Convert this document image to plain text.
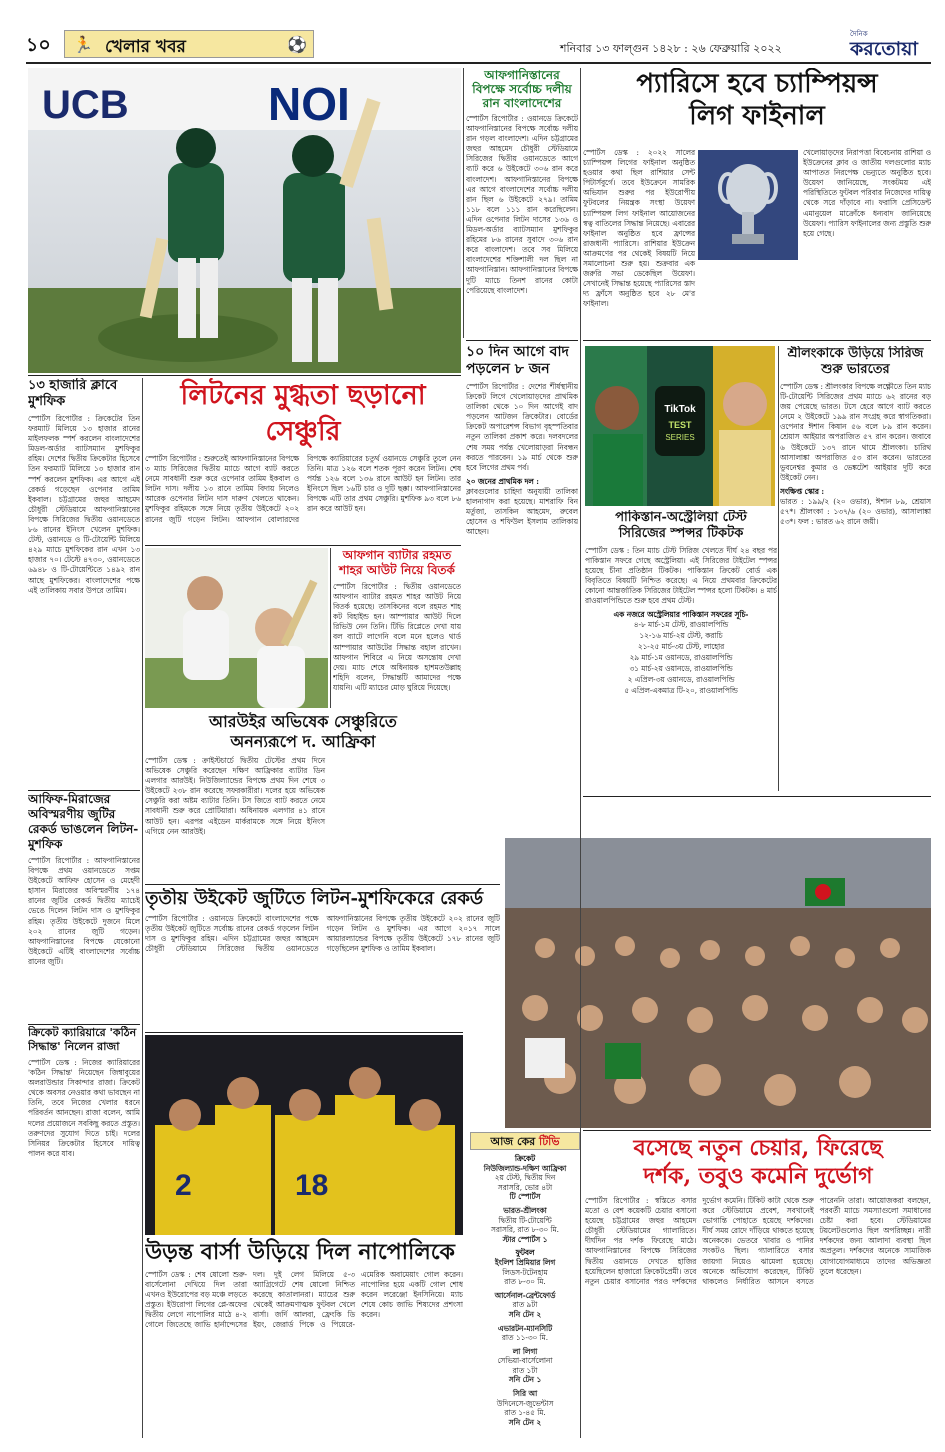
১০ 🏃 খেলার খবর	⚽	শনিবার ১৩ ফাল্গুন ১৪২৮ : ২৬ ফেব্রুয়ারি ২০২২
দৈনিক
করতোয়া
UCB	NOI
আফগানিস্তানের বিপক্ষে সর্বোচ্চ দলীয় রান বাংলাদেশের
স্পোর্টস রিপোর্টার : ওয়ানডে ক্রিকেটে আফগানিস্তানের বিপক্ষে সর্বোচ্চ দলীয় রান গড়ল বাংলাদেশ। এদিন চট্টগ্রামের জহুর আহমেদ চৌধুরী স্টেডিয়ামে সিরিজের দ্বিতীয় ওয়ানডেতে আগে ব্যাট করে ৬ উইকেটে ৩০৬ রান করে বাংলাদেশ। আফগানিস্তানের বিপক্ষে এর আগে বাংলাদেশের সর্বোচ্চ দলীয় রান ছিল ৬ উইকেটে ২৭৯। তামিম ১১৮ বলে ১১১ রান করেছিলেন। এদিন ওপেনার লিটন দাসের ১৩৬ ও মিডল-অর্ডার ব্যাটসম্যান মুশফিকুর রহিমের ৮৬ রানের সুবাদে ৩০৬ রান করে বাংলাদেশ। তবে সব মিলিয়ে বাংলাদেশের শক্তিশালী দল ছিল না আফগানিস্তান। আফগানিস্তানের বিপক্ষে দুটি ম্যাচে তিনশ রানের কোটা পেরিয়েছে বাংলাদেশ।
প্যারিসে হবে চ্যাম্পিয়ন্স
লিগ ফাইনাল
স্পোর্টস ডেস্ক : ২০২২ সালের চ্যাম্পিয়ন্স লিগের ফাইনাল অনুষ্ঠিত হওয়ার কথা ছিল রাশিয়ার সেন্ট পিটার্সবুর্গে। তবে ইউক্রেনে সামরিক অভিযান শুরুর পর ইউরোপীয় ফুটবলের নিয়ন্ত্রক সংস্থা উয়েফা চ্যাম্পিয়ন্স লিগ ফাইনাল আয়োজনের স্বত্ব বাতিলের সিদ্ধান্ত নিয়েছে। এবারের ফাইনাল অনুষ্ঠিত হবে ফ্রান্সের রাজধানী প্যারিসে। রাশিয়ার ইউক্রেন আক্রমণের পর থেকেই বিষয়টি নিয়ে সমালোচনা শুরু হয়। শুক্রবার এক জরুরি সভা ডেকেছিল উয়েফা। সেখানেই সিদ্ধান্ত হয়েছে প্যারিসের স্তাদ দ্য ফ্রাঁসে অনুষ্ঠিত হবে ২৮ মে'র ফাইনাল।
খেলোয়াড়দের নিরাপত্তা বিবেচনায় রাশিয়া ও ইউক্রেনের ক্লাব ও জাতীয় দলগুলোর ম্যাচ আপাতত নিরপেক্ষ ভেন্যুতে অনুষ্ঠিত হবে। উয়েফা জানিয়েছে, সংকটময় এই পরিস্থিতিতে ফুটবল পরিবার নিজেদের দায়িত্ব থেকে সরে দাঁড়াবে না। ফরাসি প্রেসিডেন্ট এমানুয়েল মাক্রোঁকে ধন্যবাদ জানিয়েছে উয়েফা। প্যারিস ফাইনালের জন্য প্রস্তুতি শুরু হয়ে গেছে।
১০ দিন আগে বাদ পড়লেন ৮ জন
স্পোর্টস রিপোর্টার : দেশের শীর্ষস্থানীয় ক্রিকেট লিগে খেলোয়াড়দের প্রাথমিক তালিকা থেকে ১০ দিন আগেই বাদ পড়লেন আটজন ক্রিকেটার। বোর্ডের ক্রিকেট অপারেশন্স বিভাগ বৃহস্পতিবার নতুন তালিকা প্রকাশ করে। দলবদলের শেষ সময় পর্যন্ত খেলোয়াড়রা নিবন্ধন করতে পারবেন। ১৯ মার্চ থেকে শুরু হবে লিগের প্রথম পর্ব।
২০ জনের প্রাথমিক দল :
ক্লাবগুলোর চাহিদা অনুযায়ী তালিকা হালনাগাদ করা হয়েছে। মাশরাফি বিন মর্তুজা, তাসকিন আহমেদ, রুবেল হোসেন ও শফিউল ইসলাম তালিকায় আছেন।
TikTok
TEST
SERIES
শ্রীলংকাকে উড়িয়ে সিরিজ শুরু ভারতের
স্পোর্টস ডেস্ক : শ্রীলংকার বিপক্ষে লক্ষ্ণৌতে তিন ম্যাচ টি-টোয়েন্টি সিরিজের প্রথম ম্যাচে ৬২ রানের বড় জয় পেয়েছে ভারত। টসে হেরে আগে ব্যাট করতে নেমে ২ উইকেটে ১৯৯ রান সংগ্রহ করে স্বাগতিকরা। ওপেনার ঈশান কিষান ৫৬ বলে ৮৯ রান করেন। শ্রেয়াস আইয়ার অপরাজিত ৫৭ রান করেন। জবাবে ৬ উইকেটে ১৩৭ রানে থামে শ্রীলংকা। চারিথ আসালাঙ্কা অপরাজিত ৫৩ রান করেন। ভারতের ভুবনেশ্বর কুমার ও ভেঙ্কটেশ আইয়ার দুটি করে উইকেট নেন।
সংক্ষিপ্ত স্কোর :
ভারত : ১৯৯/২ (২০ ওভার), ঈশান ৮৯, শ্রেয়াস ৫৭*। শ্রীলংকা : ১৩৭/৬ (২০ ওভার), আসালাঙ্কা ৫৩*। ফল : ভারত ৬২ রানে জয়ী।
পাকিস্তান-অস্ট্রেলিয়া টেস্ট
সিরিজের স্পন্সর টিকটক
স্পোর্টস ডেস্ক : তিন ম্যাচ টেস্ট সিরিজ খেলতে দীর্ঘ ২৪ বছর পর পাকিস্তান সফরে গেছে অস্ট্রেলিয়া। এই সিরিজের টাইটেল স্পন্সর হয়েছে চীনা প্রতিষ্ঠান টিকটক। পাকিস্তান ক্রিকেট বোর্ড এক বিবৃতিতে বিষয়টি নিশ্চিত করেছে। এ নিয়ে প্রথমবার ক্রিকেটের কোনো আন্তর্জাতিক সিরিজের টাইটেল স্পন্সর হলো টিকটক। ৪ মার্চ রাওয়ালপিন্ডিতে শুরু হবে প্রথম টেস্ট।
এক নজরে অস্ট্রেলিয়ার পাকিস্তান সফরের সূচি-

৪-৮ মার্চ-১ম টেস্ট, রাওয়ালপিন্ডি

১২-১৬ মার্চ-২য় টেস্ট, করাচি

২১-২৫ মার্চ-৩য় টেস্ট, লাহোর

২৯ মার্চ-১ম ওয়ানডে, রাওয়ালপিন্ডি

৩১ মার্চ-২য় ওয়ানডে, রাওয়ালপিন্ডি

২ এপ্রিল-৩য় ওয়ানডে, রাওয়ালপিন্ডি

৫ এপ্রিল-একমাত্র টি-২০, রাওয়ালপিন্ডি

১৩ হাজারি ক্লাবে মুশফিক
স্পোর্টস রিপোর্টার : ক্রিকেটের তিন ফরম্যাট মিলিয়ে ১৩ হাজার রানের মাইলফলক স্পর্শ করলেন বাংলাদেশের মিডল-অর্ডার ব্যাটসম্যান মুশফিকুর রহিম। দেশের দ্বিতীয় ক্রিকেটার হিসেবে তিন ফরম্যাট মিলিয়ে ১৩ হাজার রান স্পর্শ করলেন মুশফিক। এর আগে এই রেকর্ড গড়েছেন ওপেনার তামিম ইকবাল। চট্টগ্রামের জহুর আহমেদ চৌধুরী স্টেডিয়ামে আফগানিস্তানের বিপক্ষে সিরিজের দ্বিতীয় ওয়ানডেতে ৮৬ রানের ইনিংস খেলেন মুশফিক। টেস্ট, ওয়ানডে ও টি-টোয়েন্টি মিলিয়ে ৪২৯ ম্যাচে মুশফিকের রান এখন ১৩ হাজার ৭০। টেস্টে ৪৭৩০, ওয়ানডেতে ৬৯৪৮ ও টি-টোয়েন্টিতে ১৪৯২ রান আছে মুশফিকের। বাংলাদেশের পক্ষে এই তালিকায় সবার উপরে তামিম।
লিটনের মুগ্ধতা ছড়ানো সেঞ্চুরি
স্পোর্টস রিপোর্টার : শুরুতেই আফগানিস্তানের বিপক্ষে ৩ ম্যাচ সিরিজের দ্বিতীয় ম্যাচে আগে ব্যাট করতে নেমে সাবধানী শুরু করে ওপেনার তামিম ইকবাল ও লিটন দাস। দলীয় ১৩ রানে তামিম বিদায় নিলেও আরেক ওপেনার লিটন দাস দারুণ খেলতে থাকেন। মুশফিকুর রহিমকে সঙ্গে নিয়ে তৃতীয় উইকেটে ২০২ রানের জুটি গড়েন লিটন। আফগান বোলারদের বিপক্ষে ক্যারিয়ারের চতুর্থ ওয়ানডে সেঞ্চুরি তুলে নেন তিনি। মাত্র ১২৬ বলে শতক পূরণ করেন লিটন। শেষ পর্যন্ত ১২৬ বলে ১৩৬ রানে আউট হন লিটন। তার ইনিংসে ছিল ১৬টি চার ও দুটি ছক্কা। আফগানিস্তানের বিপক্ষে এটি তার প্রথম সেঞ্চুরি। মুশফিক ৯৩ বলে ৮৬ রান করে আউট হন।
আফগান ব্যাটার রহমত শাহর আউট নিয়ে বিতর্ক
স্পোর্টস রিপোর্টার : দ্বিতীয় ওয়ানডেতে আফগান ব্যাটার রহমত শাহর আউট নিয়ে বিতর্ক হয়েছে। তাসকিনের বলে রহমত শাহ কট বিহাইন্ড হন। আম্পায়ার আউট দিলে রিভিউ নেন তিনি। টিভি রিপ্লেতে দেখা যায় বল ব্যাটে লাগেনি বলে মনে হলেও থার্ড আম্পায়ার আউটের সিদ্ধান্ত বহাল রাখেন। আফগান শিবিরে এ নিয়ে অসন্তোষ দেখা দেয়। ম্যাচ শেষে অধিনায়ক হাশমতউল্লাহ শহিদি বলেন, সিদ্ধান্তটি আমাদের পক্ষে যায়নি। এটি ম্যাচের মোড় ঘুরিয়ে দিয়েছে।
আরউইর অভিষেক সেঞ্চুরিতে
অনন্যরূপে দ. আফ্রিকা
স্পোর্টস ডেস্ক : ক্রাইস্টচার্চে দ্বিতীয় টেস্টের প্রথম দিনে অভিষেক সেঞ্চুরি করেছেন দক্ষিণ আফ্রিকার ব্যাটার ডিন এলগার আরউই। নিউজিল্যান্ডের বিপক্ষে প্রথম দিন শেষে ৩ উইকেটে ২৩৮ রান করেছে সফরকারীরা। দলের হয়ে অভিষেক সেঞ্চুরি করা অষ্টম ব্যাটার তিনি। টস জিতে ব্যাট করতে নেমে সাবধানী শুরু করে প্রোটিয়ারা। অধিনায়ক এলগার ৪১ রানে আউট হন। এরপর এইডেন মার্করামকে সঙ্গে নিয়ে ইনিংস এগিয়ে নেন আরউই।
আফিফ-মিরাজের অবিস্মরণীয় জুটির রেকর্ড ভাঙলেন লিটন-মুশফিক
স্পোর্টস রিপোর্টার : আফগানিস্তানের বিপক্ষে প্রথম ওয়ানডেতে সপ্তম উইকেটে আফিফ হোসেন ও মেহেদী হাসান মিরাজের অবিস্মরণীয় ১৭৪ রানের জুটির রেকর্ড দ্বিতীয় ম্যাচেই ভেঙে দিলেন লিটন দাস ও মুশফিকুর রহিম। তৃতীয় উইকেটে দুজনে মিলে ২০২ রানের জুটি গড়েন। আফগানিস্তানের বিপক্ষে যেকোনো উইকেটে এটিই বাংলাদেশের সর্বোচ্চ রানের জুটি।
তৃতীয় উইকেট জুটিতে লিটন-মুশফিকেরে রেকর্ড
স্পোর্টস রিপোর্টার : ওয়ানডে ক্রিকেটে বাংলাদেশের পক্ষে তৃতীয় উইকেট জুটিতে সর্বোচ্চ রানের রেকর্ড গড়লেন লিটন দাস ও মুশফিকুর রহিম। এদিন চট্টগ্রামের জহুর আহমেদ চৌধুরী স্টেডিয়ামে সিরিজের দ্বিতীয় ওয়ানডেতে আফগানিস্তানের বিপক্ষে তৃতীয় উইকেটে ২০২ রানের জুটি গড়েন লিটন ও মুশফিক। এর আগে ২০১৭ সালে আয়ারল্যান্ডের বিপক্ষে তৃতীয় উইকেটে ১৭৮ রানের জুটি গড়েছিলেন মুশফিক ও তামিম ইকবাল।
ক্রিকেট ক্যারিয়ারে 'কঠিন সিদ্ধান্ত' নিলেন রাজা
স্পোর্টস ডেস্ক : নিজের ক্যারিয়ারের 'কঠিন সিদ্ধান্ত' নিয়েছেন জিম্বাবুয়ের অলরাউন্ডার সিকান্দার রাজা। ক্রিকেট থেকে অবসর নেওয়ার কথা ভাবছেন না তিনি, তবে নিজের খেলার ধরনে পরিবর্তন আনছেন। রাজা বলেন, আমি দলের প্রয়োজনে সবকিছু করতে প্রস্তুত। তরুণদের সুযোগ দিতে চাই। দলের সিনিয়র ক্রিকেটার হিসেবে দায়িত্ব পালন করে যাব।
2	18
উড়ন্ত বার্সা উড়িয়ে দিল নাপোলিকে
স্পোর্টস ডেস্ক : শেষ ষোলো শুরু-বার্সেলোনা দেখিয়ে দিল তারা এখনও ইউরোপের বড় মঞ্চে লড়তে প্রস্তুত। ইউরোপা লিগের প্লে-অফের দ্বিতীয় লেগে নাপোলির মাঠে ৪-২ গোলে জিতেছে জাভি হার্নান্দেসের দল। দুই লেগ মিলিয়ে ৫-৩ অ্যাগ্রিগেটে শেষ ষোলো নিশ্চিত করেছে কাতালানরা। ম্যাচের শুরু থেকেই আক্রমণাত্মক ফুটবল খেলে বার্সা। জর্দি আলবা, ফ্রেংকি ডি ইয়ং, জেরার্ড পিকে ও পিয়েরে-এমেরিক অবামেয়াং গোল করেন। নাপোলির হয়ে একটি গোল শোধ করেন লরেঞ্জো ইনসিনিয়ে। ম্যাচ শেষে কোচ জাভি শিষ্যদের প্রশংসা করেন।
আজ কের টিভি
ক্রিকেট
নিউজিল্যান্ড-দক্ষিণ আফ্রিকা
২য় টেস্ট, দ্বিতীয় দিন
সরাসরি, ভোর ৪টা
টি স্পোর্টস
ভারত-শ্রীলংকা
দ্বিতীয় টি-টোয়েন্টি
সরাসরি, রাত ৮-৩০ মি.
স্টার স্পোর্টস ১
ফুটবল
ইংলিশ প্রিমিয়ার লিগ
লিডস-টটেনহাম
রাত ৮-৩০ মি.
আর্সেনাল-ব্রেন্টফোর্ড
রাত ৯টা
সনি টেন ২
এভারটন-ম্যানসিটি
রাত ১১-৩০ মি.
লা লিগা
সেভিয়া-বার্সেলোনা
রাত ১টা
সনি টেন ১
সিরি আ
উদিনেসে-জুভেন্টাস
রাত ১-৪৫ মি.
সনি টেন ২
বসেছে নতুন চেয়ার, ফিরেছে
দর্শক, তবুও কমেনি দুর্ভোগ
স্পোর্টস রিপোর্টার : স্বস্তিতে বসার মতো ও বেশ কয়েকটি চেয়ার বসানো হয়েছে চট্টগ্রামের জহুর আহমেদ চৌধুরী স্টেডিয়ামের গ্যালারিতে। দীর্ঘদিন পর দর্শক ফিরেছে মাঠে। আফগানিস্তানের বিপক্ষে সিরিজের দ্বিতীয় ওয়ানডে দেখতে হাজির হয়েছিলেন হাজারো ক্রিকেটপ্রেমী। তবে নতুন চেয়ার বসানোর পরও দর্শকদের দুর্ভোগ কমেনি। টিকিট কাটা থেকে শুরু করে স্টেডিয়ামে প্রবেশ, সবখানেই ভোগান্তি পোহাতে হয়েছে দর্শকদের। দীর্ঘ সময় রোদে দাঁড়িয়ে থাকতে হয়েছে অনেককে। ভেতরে খাবার ও পানির সংকটও ছিল। গ্যালারিতে বসার জায়গা নিয়েও ঝামেলা হয়েছে। অনেকে অভিযোগ করেছেন, টিকিট থাকলেও নির্ধারিত আসনে বসতে পারেননি তারা। আয়োজকরা বলছেন, পরবর্তী ম্যাচে সমস্যাগুলো সমাধানের চেষ্টা করা হবে। স্টেডিয়ামের টয়লেটগুলোও ছিল অপরিচ্ছন্ন। নারী দর্শকদের জন্য আলাদা ব্যবস্থা ছিল অপ্রতুল। দর্শকদের অনেকে সামাজিক যোগাযোগমাধ্যমে তাদের অভিজ্ঞতা তুলে ধরেছেন।
